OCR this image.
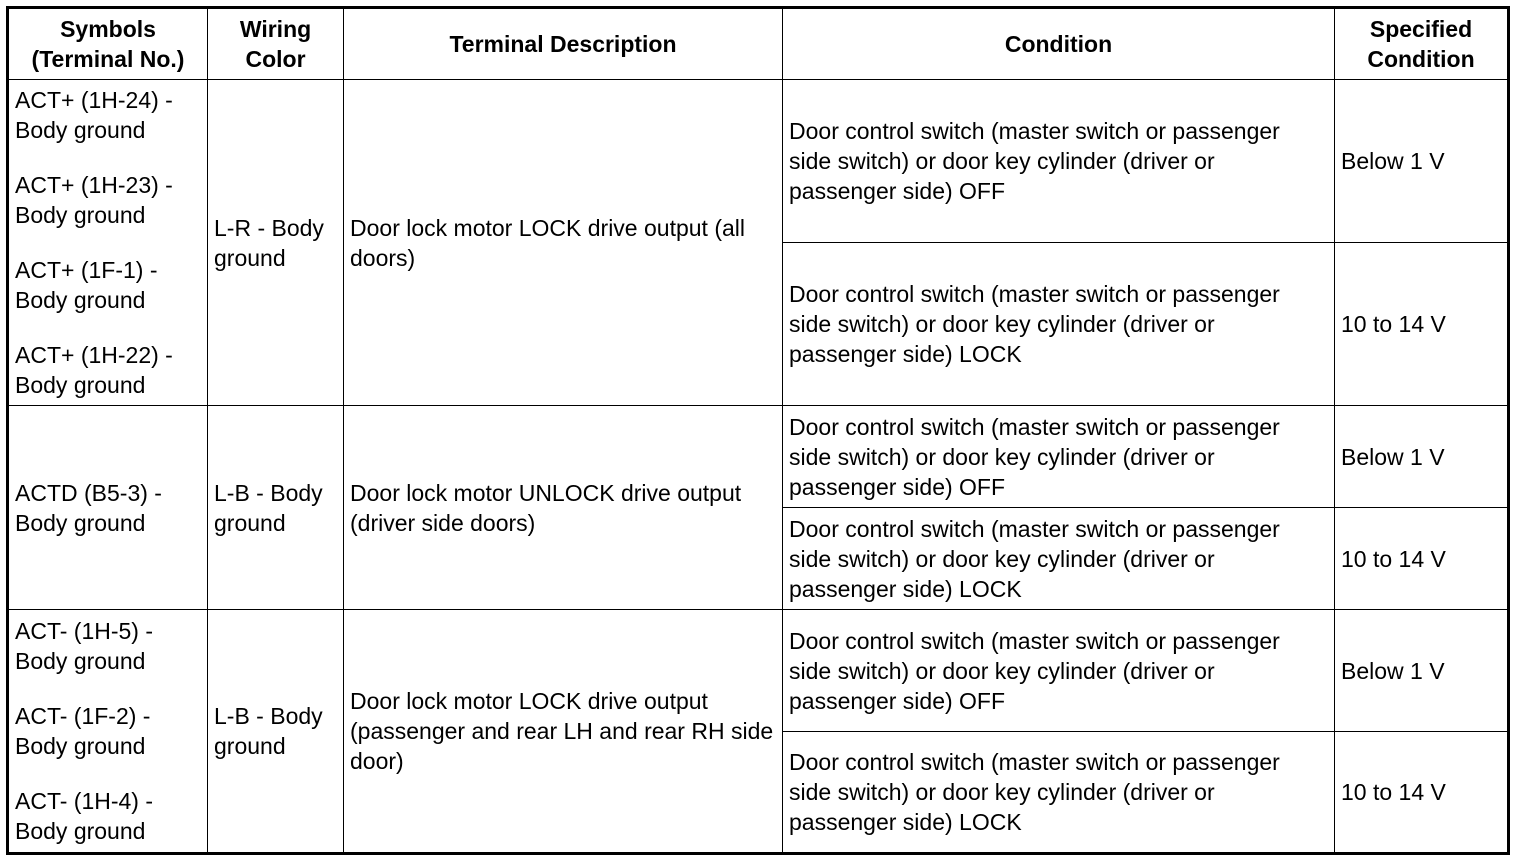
Symbols (Terminal No.)	Wiring Color	Terminal Description	Condition	Specified Condition

ACT+ (1H-24) - Body ground
ACT+ (1H-23) - Body ground
ACT+ (1F-1) - Body ground
ACT+ (1H-22) - Body ground	L-R - Body ground	Door lock motor LOCK drive output (all doors)	Door control switch (master switch or passenger side switch) or door key cylinder (driver or passenger side) OFF	Below 1 V
			Door control switch (master switch or passenger side switch) or door key cylinder (driver or passenger side) LOCK	10 to 14 V

ACTD (B5-3) - Body ground	L-B - Body ground	Door lock motor UNLOCK drive output (driver side doors)	Door control switch (master switch or passenger side switch) or door key cylinder (driver or passenger side) OFF	Below 1 V
			Door control switch (master switch or passenger side switch) or door key cylinder (driver or passenger side) LOCK	10 to 14 V

ACT- (1H-5) - Body ground
ACT- (1F-2) - Body ground
ACT- (1H-4) - Body ground	L-B - Body ground	Door lock motor LOCK drive output (passenger and rear LH and rear RH side door)	Door control switch (master switch or passenger side switch) or door key cylinder (driver or passenger side) OFF	Below 1 V
			Door control switch (master switch or passenger side switch) or door key cylinder (driver or passenger side) LOCK	10 to 14 V
